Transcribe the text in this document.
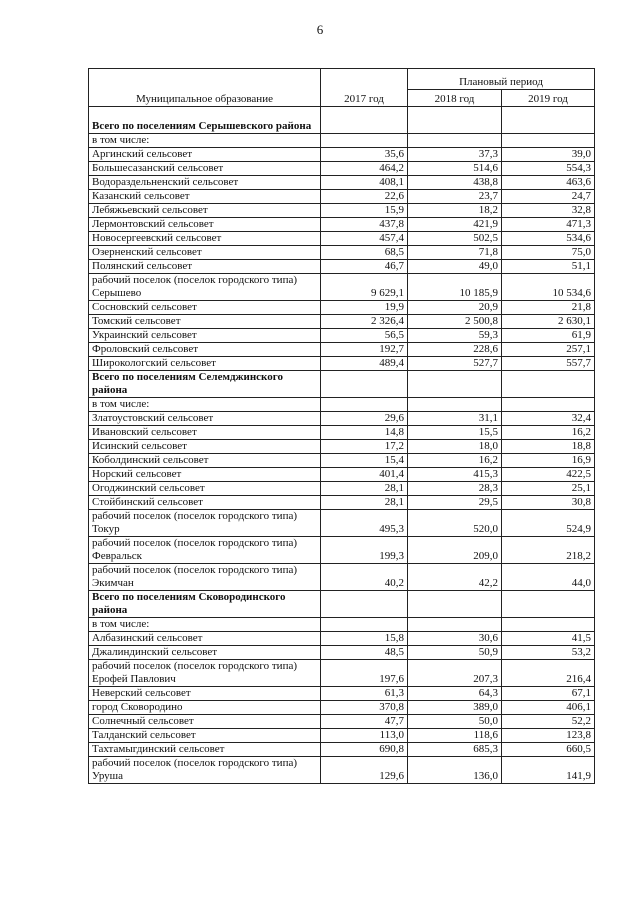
6
Муниципальное образование	2017 год	Плановый период	
		2018 год	2019 год
Всего по поселениям Серышевского района			
в том числе:			
Аргинский сельсовет	35,6	37,3	39,0
Большесазанский сельсовет	464,2	514,6	554,3
Водораздельненский сельсовет	408,1	438,8	463,6
Казанский сельсовет	22,6	23,7	24,7
Лебяжьевский сельсовет	15,9	18,2	32,8
Лермонтовский сельсовет	437,8	421,9	471,3
Новосергеевский сельсовет	457,4	502,5	534,6
Озерненский сельсовет	68,5	71,8	75,0
Полянский сельсовет	46,7	49,0	51,1
рабочий поселок (поселок городского типа) Серышево	9 629,1	10 185,9	10 534,6
Сосновский сельсовет	19,9	20,9	21,8
Томский сельсовет	2 326,4	2 500,8	2 630,1
Украинский сельсовет	56,5	59,3	61,9
Фроловский сельсовет	192,7	228,6	257,1
Широкологский сельсовет	489,4	527,7	557,7
Всего по поселениям Селемджинского района			
в том числе:			
Златоустовский сельсовет	29,6	31,1	32,4
Ивановский сельсовет	14,8	15,5	16,2
Исинский сельсовет	17,2	18,0	18,8
Коболдинский сельсовет	15,4	16,2	16,9
Норский сельсовет	401,4	415,3	422,5
Огоджинский сельсовет	28,1	28,3	25,1
Стойбинский сельсовет	28,1	29,5	30,8
рабочий поселок (поселок городского типа) Токур	495,3	520,0	524,9
рабочий поселок (поселок городского типа) Февральск	199,3	209,0	218,2
рабочий поселок (поселок городского типа) Экимчан	40,2	42,2	44,0
Всего по поселениям Сковородинского района			
в том числе:			
Албазинский сельсовет	15,8	30,6	41,5
Джалиндинский сельсовет	48,5	50,9	53,2
рабочий поселок (поселок городского типа) Ерофей Павлович	197,6	207,3	216,4
Неверский сельсовет	61,3	64,3	67,1
город Сковородино	370,8	389,0	406,1
Солнечный сельсовет	47,7	50,0	52,2
Талданский сельсовет	113,0	118,6	123,8
Тахтамыгдинский сельсовет	690,8	685,3	660,5
рабочий поселок (поселок городского типа) Уруша	129,6	136,0	141,9
